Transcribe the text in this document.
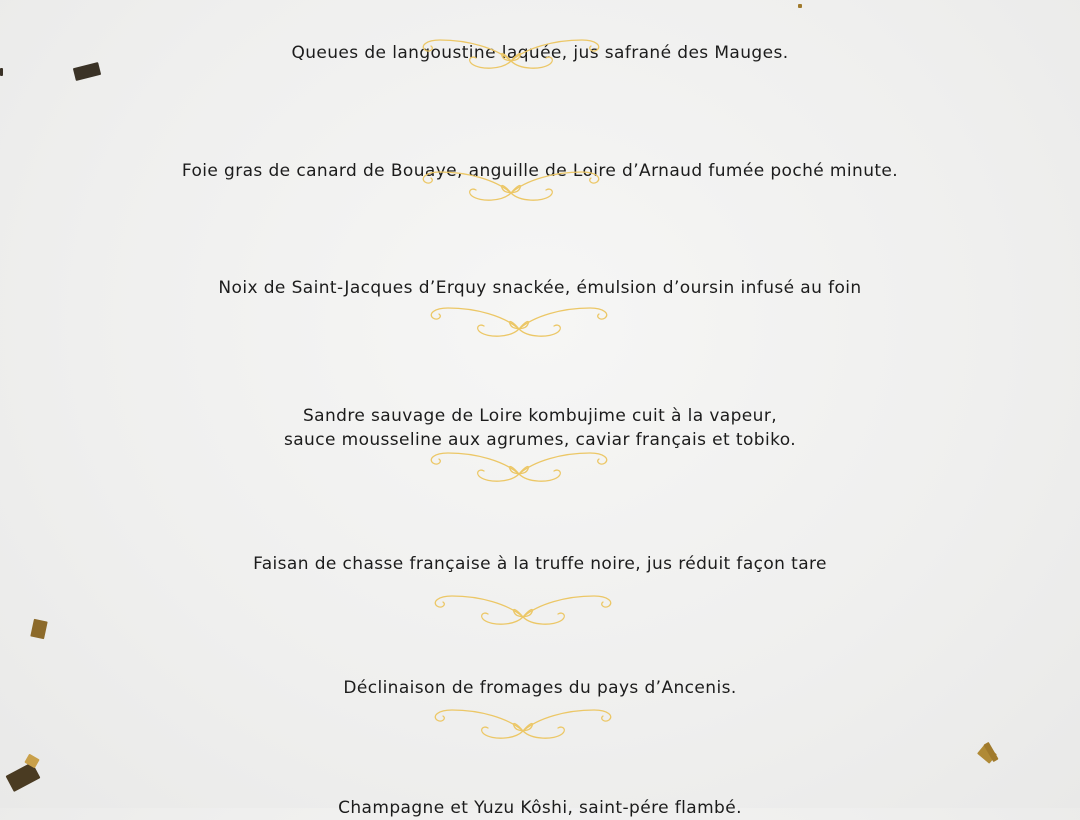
Queues de langoustine laquée, jus safrané des Mauges.
Foie gras de canard de Bouaye, anguille de Loire d’Arnaud fumée poché minute.
Noix de Saint-Jacques d’Erquy snackée, émulsion d’oursin infusé au foin
Sandre sauvage de Loire kombujime cuit à la vapeur,
sauce mousseline aux agrumes, caviar français et tobiko.
Faisan de chasse française à la truffe noire, jus réduit façon tare
Déclinaison de fromages du pays d’Ancenis.
Champagne et Yuzu Kôshi, saint-pére flambé.
